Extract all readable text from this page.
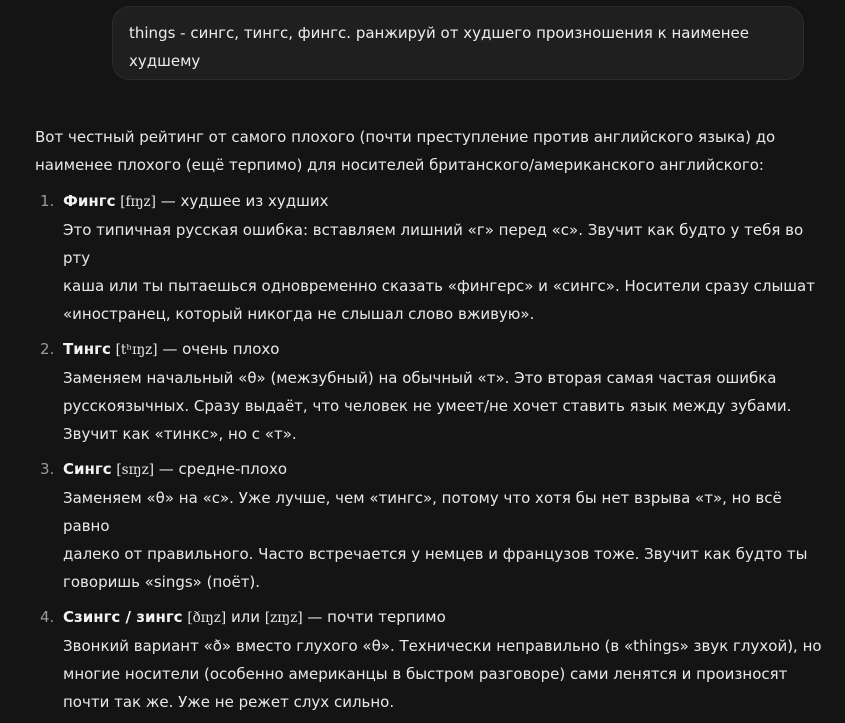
things - сингс, тингс, фингс. ранжируй от худшего произношения к наименее
худшему
Вот честный рейтинг от самого плохого (почти преступление против английского языка) до
наименее плохого (ещё терпимо) для носителей британского/американского английского:
1. Фингс [fɪŋz] — худшее из худших
Это типичная русская ошибка: вставляем лишний «г» перед «с». Звучит как будто у тебя во рту
каша или ты пытаешься одновременно сказать «фингерс» и «сингс». Носители сразу слышат
«иностранец, который никогда не слышал слово вживую».
2. Тингс [tʰɪŋz] — очень плохо
Заменяем начальный «θ» (межзубный) на обычный «т». Это вторая самая частая ошибка
русскоязычных. Сразу выдаёт, что человек не умеет/не хочет ставить язык между зубами.
Звучит как «тинкс», но с «т».
3. Сингс [sɪŋz] — средне-плохо
Заменяем «θ» на «с». Уже лучше, чем «тингс», потому что хотя бы нет взрыва «т», но всё равно
далеко от правильного. Часто встречается у немцев и французов тоже. Звучит как будто ты
говоришь «sings» (поёт).
4. Сзингс / зингс [ðɪŋz] или [zɪŋz] — почти терпимо
Звонкий вариант «ð» вместо глухого «θ». Технически неправильно (в «things» звук глухой), но
многие носители (особенно американцы в быстром разговоре) сами ленятся и произносят
почти так же. Уже не режет слух сильно.
